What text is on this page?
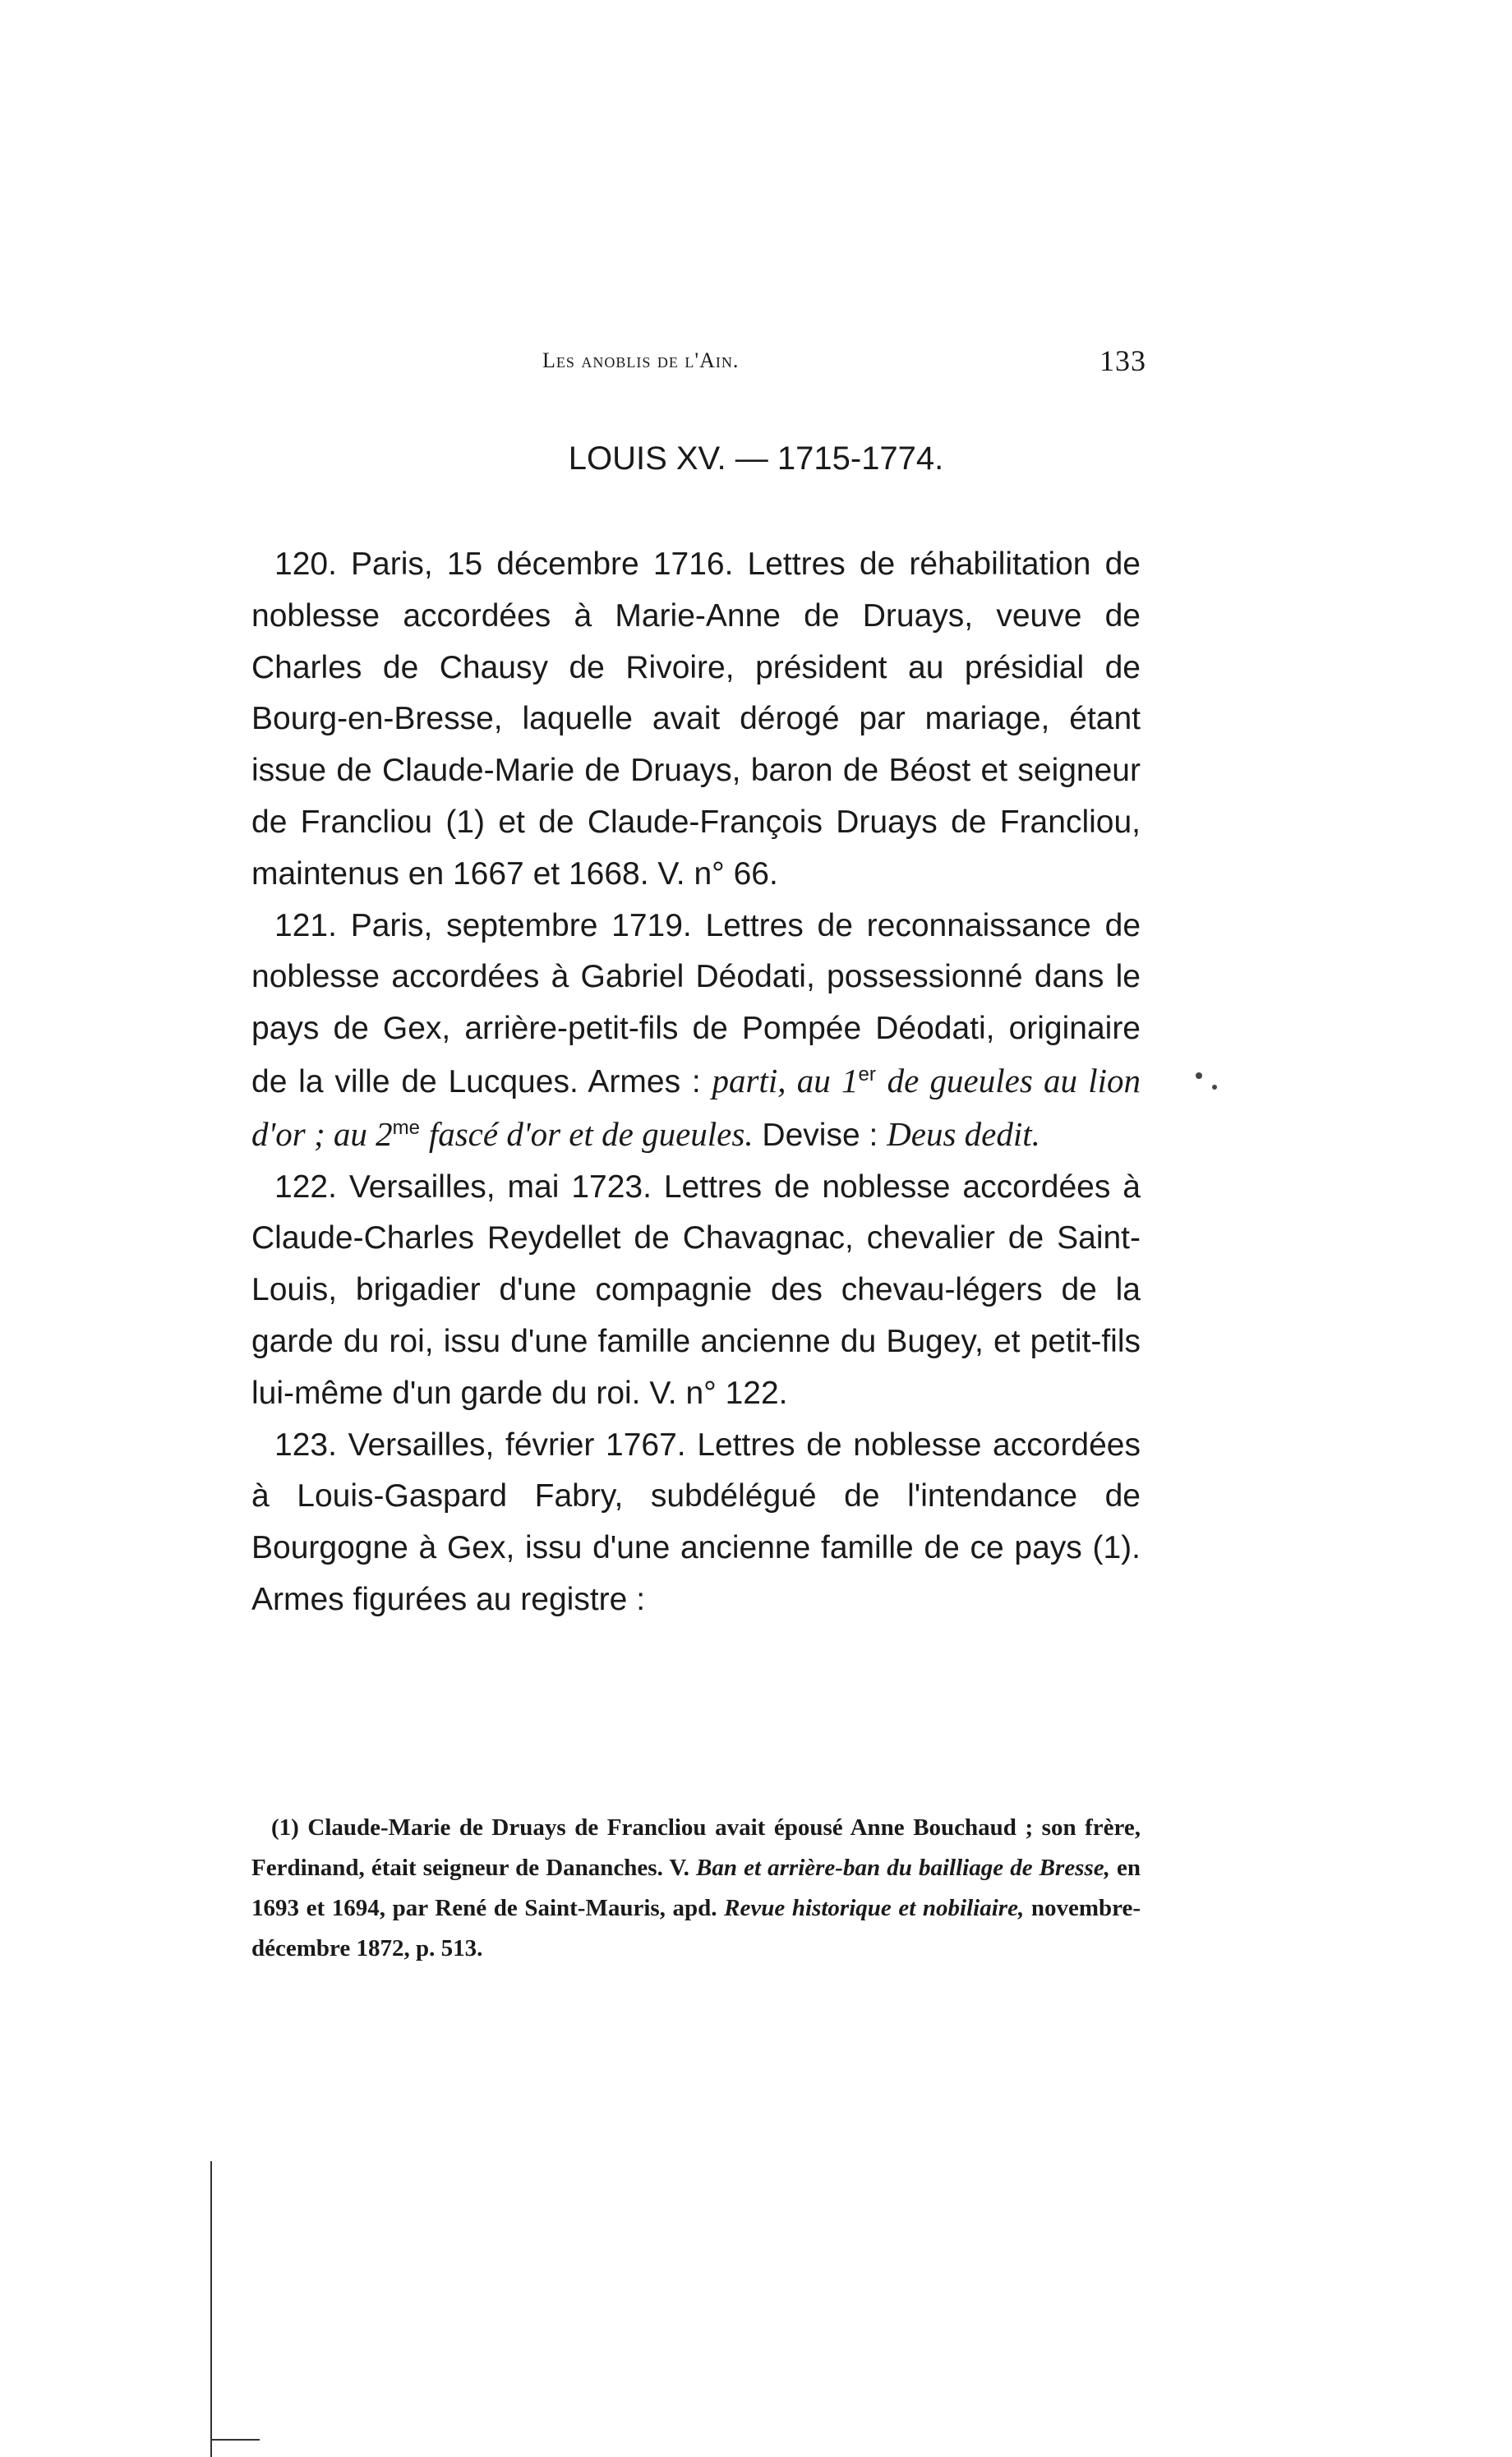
Les anoblis de l'Ain.	133
LOUIS XV. — 1715-1774.

120. Paris, 15 décembre 1716. Lettres de réhabilitation de noblesse accordées à Marie-Anne de Druays, veuve de Charles de Chausy de Rivoire, président au présidial de Bourg-en-Bresse, laquelle avait dérogé par mariage, étant issue de Claude-Marie de Druays, baron de Béost et seigneur de Francliou (1) et de Claude-François Druays de Francliou, maintenus en 1667 et 1668. V. n° 66.

121. Paris, septembre 1719. Lettres de reconnaissance de noblesse accordées à Gabriel Déodati, possessionné dans le pays de Gex, arrière-petit-fils de Pompée Déodati, originaire de la ville de Lucques. Armes : parti, au 1er de gueules au lion d'or ; au $2^{me}$ fascé d'or et de gueules. Devise : Deus dedit.

122. Versailles, mai 1723. Lettres de noblesse accordées à Claude-Charles Reydellet de Chavagnac, chevalier de Saint-Louis, brigadier d'une compagnie des chevau-légers de la garde du roi, issu d'une famille ancienne du Bugey, et petit-fils lui-même d'un garde du roi. V. n° 122.

123. Versailles, février 1767. Lettres de noblesse accordées à Louis-Gaspard Fabry, subdélégué de l'intendance de Bourgogne à Gex, issu d'une ancienne famille de ce pays (1). Armes figurées au registre :

(1) Claude-Marie de Druays de Francliou avait épousé Anne Bouchaud ; son frère, Ferdinand, était seigneur de Dananches. V. Ban et arrière-ban du bailliage de Bresse, en 1693 et 1694, par René de Saint-Mauris, apd. Revue historique et nobiliaire, novembre-décembre 1872, p. 513.
